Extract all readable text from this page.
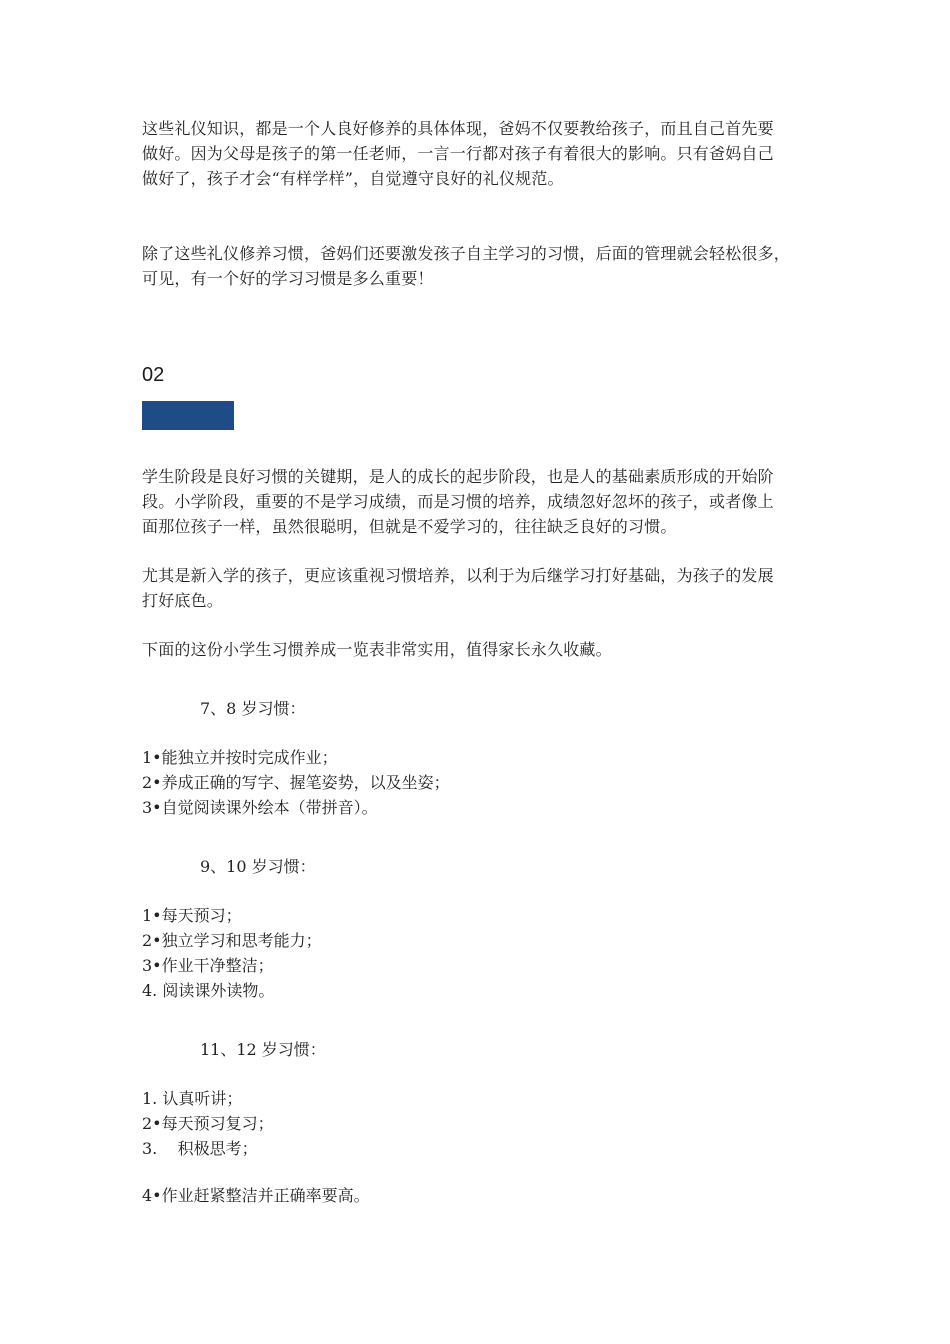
这些礼仪知识，都是一个人良好修养的具体体现，爸妈不仅要教给孩子，而且自己首先要
做好。因为父母是孩子的第一任老师，一言一行都对孩子有着很大的影响。只有爸妈自己
做好了，孩子才会“有样学样”，自觉遵守良好的礼仪规范。
除了这些礼仪修养习惯，爸妈们还要激发孩子自主学习的习惯，后面的管理就会轻松很多，
可见，有一个好的学习习惯是多么重要！
02
学生阶段是良好习惯的关键期，是人的成长的起步阶段，也是人的基础素质形成的开始阶
段。小学阶段，重要的不是学习成绩，而是习惯的培养，成绩忽好忽坏的孩子，或者像上
面那位孩子一样，虽然很聪明，但就是不爱学习的，往往缺乏良好的习惯。
尤其是新入学的孩子，更应该重视习惯培养，以利于为后继学习打好基础，为孩子的发展
打好底色。
下面的这份小学生习惯养成一览表非常实用，值得家长永久收藏。
7、8 岁习惯：
1•能独立并按时完成作业；
2•养成正确的写字、握笔姿势，以及坐姿；
3•自觉阅读课外绘本（带拼音）。
9、10 岁习惯：
1•每天预习；
2•独立学习和思考能力；
3•作业干净整洁；
4. 阅读课外读物。
11、12 岁习惯：
1. 认真听讲；
2•每天预习复习；
3.    积极思考；
4•作业赶紧整洁并正确率要高。
